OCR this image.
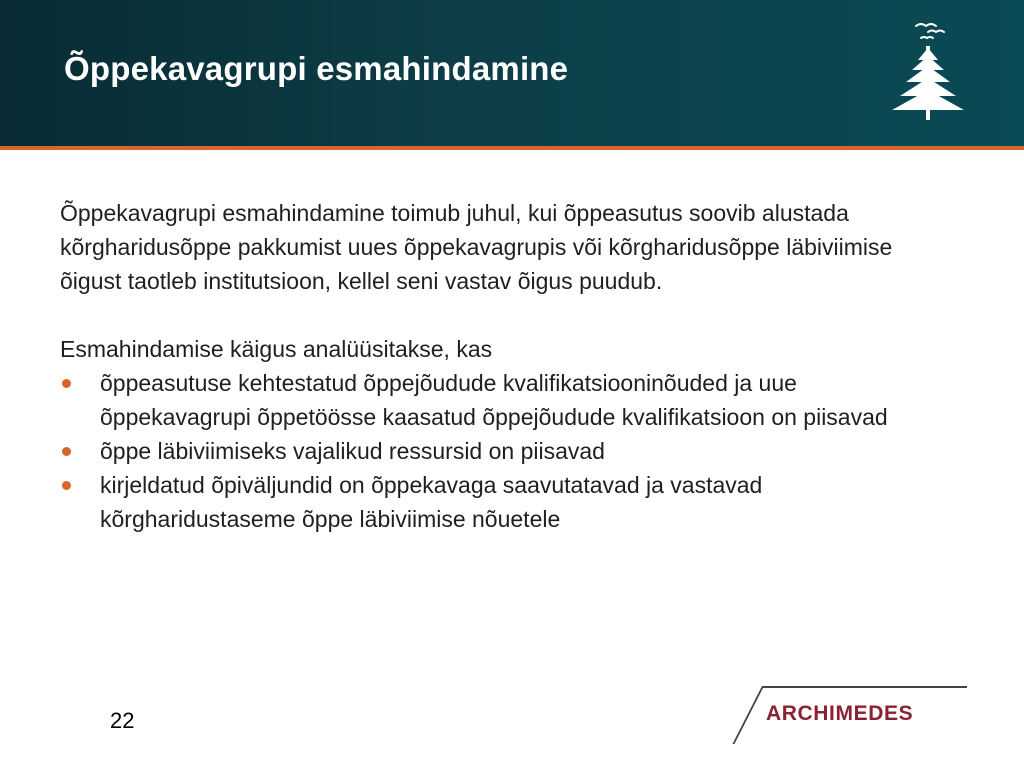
Õppekavagrupi esmahindamine

Õppekavagrupi esmahindamine toimub juhul, kui õppeasutus soovib alustada kõrgharidusõppe pakkumist uues õppekavagrupis või kõrgharidusõppe läbiviimise õigust taotleb institutsioon, kellel seni vastav õigus puudub.

Esmahindamise käigus analüüsitakse, kas

õppeasutuse kehtestatud õppejõudude kvalifikatsiooninõuded ja uue õppekavagrupi õppetöösse kaasatud õppejõudude kvalifikatsioon on piisavad
õppe läbiviimiseks vajalikud ressursid on piisavad
kirjeldatud õpiväljundid on õppekavaga saavutatavad ja vastavad kõrgharidustaseme õppe läbiviimise nõuetele
22	ARCHIMEDES
